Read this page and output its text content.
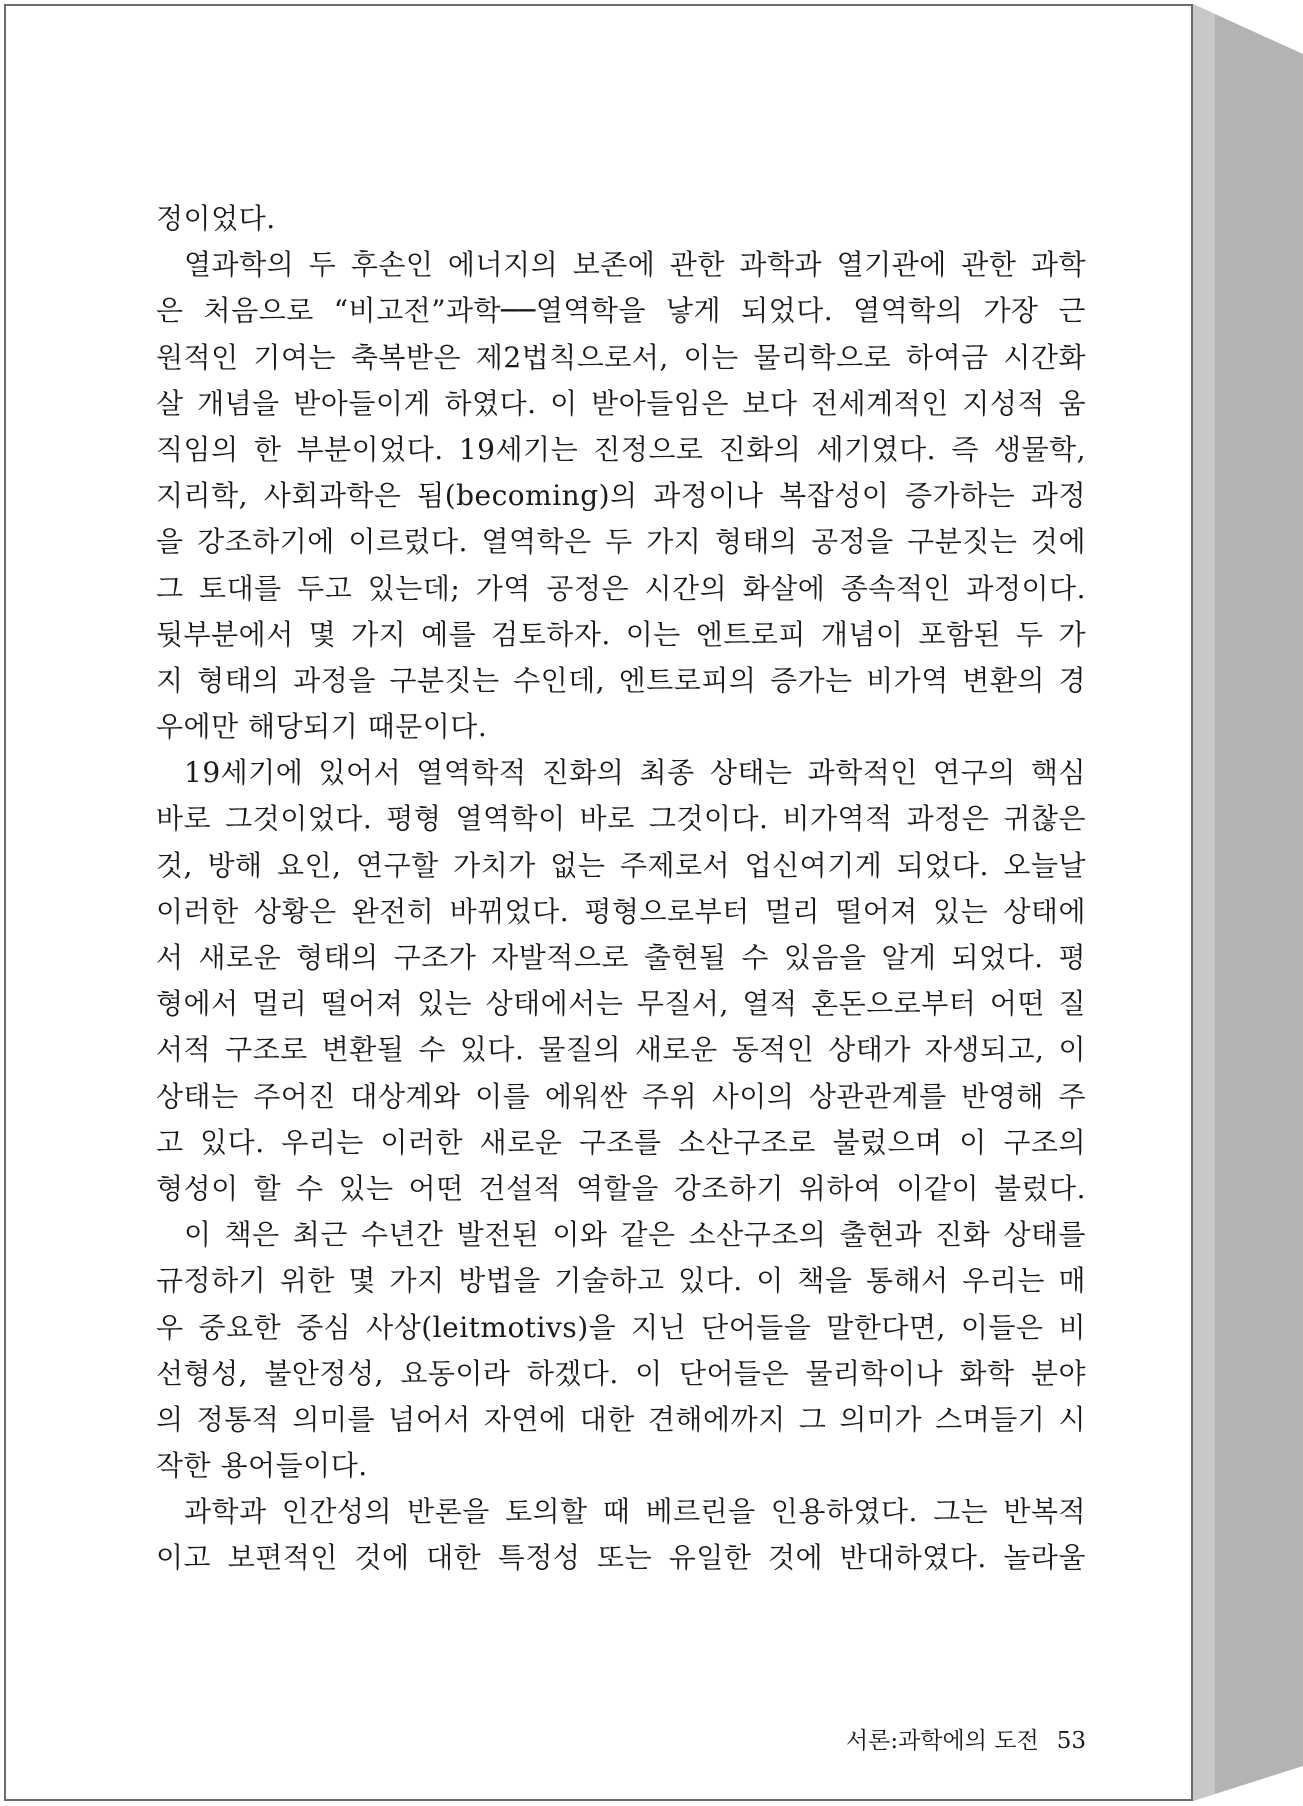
정이었다.
열과학의 두 후손인 에너지의 보존에 관한 과학과 열기관에 관한 과학
은 처음으로 “비고전”과학──열역학을 낳게 되었다. 열역학의 가장 근
원적인 기여는 축복받은 제2법칙으로서, 이는 물리학으로 하여금 시간화
살 개념을 받아들이게 하였다. 이 받아들임은 보다 전세계적인 지성적 움
직임의 한 부분이었다. 19세기는 진정으로 진화의 세기였다. 즉 생물학,
지리학, 사회과학은 됨(becoming)의 과정이나 복잡성이 증가하는 과정
을 강조하기에 이르렀다. 열역학은 두 가지 형태의 공정을 구분짓는 것에
그 토대를 두고 있는데; 가역 공정은 시간의 화살에 종속적인 과정이다.
뒷부분에서 몇 가지 예를 검토하자. 이는 엔트로피 개념이 포함된 두 가
지 형태의 과정을 구분짓는 수인데, 엔트로피의 증가는 비가역 변환의 경
우에만 해당되기 때문이다.
19세기에 있어서 열역학적 진화의 최종 상태는 과학적인 연구의 핵심
바로 그것이었다. 평형 열역학이 바로 그것이다. 비가역적 과정은 귀찮은
것, 방해 요인, 연구할 가치가 없는 주제로서 업신여기게 되었다. 오늘날
이러한 상황은 완전히 바뀌었다. 평형으로부터 멀리 떨어져 있는 상태에
서 새로운 형태의 구조가 자발적으로 출현될 수 있음을 알게 되었다. 평
형에서 멀리 떨어져 있는 상태에서는 무질서, 열적 혼돈으로부터 어떤 질
서적 구조로 변환될 수 있다. 물질의 새로운 동적인 상태가 자생되고, 이
상태는 주어진 대상계와 이를 에워싼 주위 사이의 상관관계를 반영해 주
고 있다. 우리는 이러한 새로운 구조를 소산구조로 불렀으며 이 구조의
형성이 할 수 있는 어떤 건설적 역할을 강조하기 위하여 이같이 불렀다.
이 책은 최근 수년간 발전된 이와 같은 소산구조의 출현과 진화 상태를
규정하기 위한 몇 가지 방법을 기술하고 있다. 이 책을 통해서 우리는 매
우 중요한 중심 사상(leitmotivs)을 지닌 단어들을 말한다면, 이들은 비
선형성, 불안정성, 요동이라 하겠다. 이 단어들은 물리학이나 화학 분야
의 정통적 의미를 넘어서 자연에 대한 견해에까지 그 의미가 스며들기 시
작한 용어들이다.
과학과 인간성의 반론을 토의할 때 베르린을 인용하였다. 그는 반복적
이고 보편적인 것에 대한 특정성 또는 유일한 것에 반대하였다. 놀라울
서론:과학에의 도전 53
